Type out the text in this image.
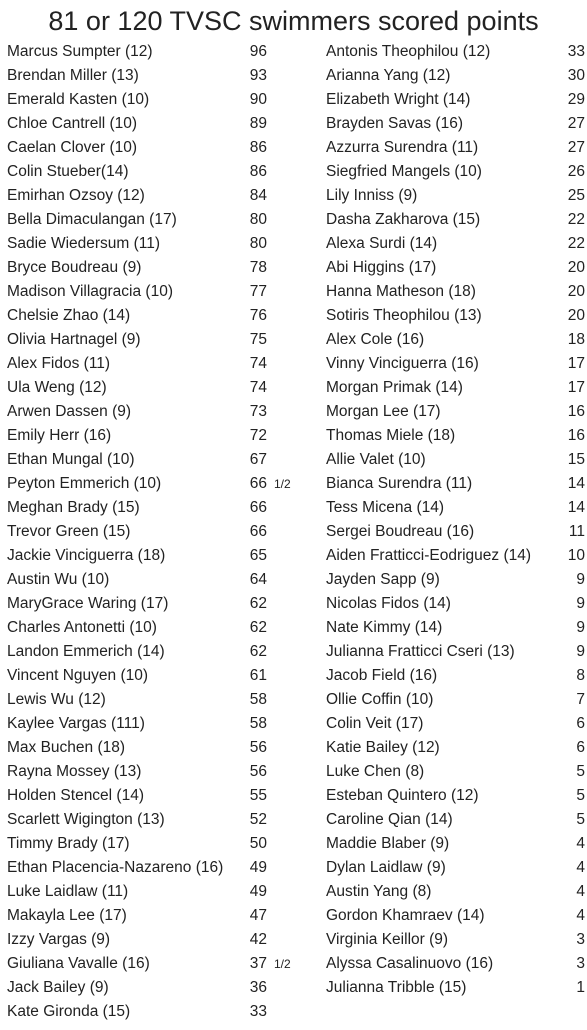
81 or 120 TVSC swimmers scored points
Marcus Sumpter (12)	96
Brendan Miller (13)	93
Emerald Kasten (10)	90
Chloe Cantrell (10)	89
Caelan Clover (10)	86
Colin Stueber(14)	86
Emirhan Ozsoy (12)	84
Bella Dimaculangan (17)	80
Sadie Wiedersum (11)	80
Bryce Boudreau (9)	78
Madison Villagracia (10)	77
Chelsie Zhao (14)	76
Olivia Hartnagel (9)	75
Alex Fidos (11)	74
Ula Weng (12)	74
Arwen Dassen (9)	73
Emily Herr (16)	72
Ethan Mungal (10)	67
Peyton Emmerich (10)	66 1/2
Meghan Brady (15)	66
Trevor Green (15)	66
Jackie Vinciguerra (18)	65
Austin Wu (10)	64
MaryGrace Waring (17)	62
Charles Antonetti (10)	62
Landon Emmerich (14)	62
Vincent Nguyen (10)	61
Lewis Wu (12)	58
Kaylee Vargas (111)	58
Max Buchen (18)	56
Rayna Mossey (13)	56
Holden Stencel (14)	55
Scarlett Wigington (13)	52
Timmy Brady (17)	50
Ethan Placencia-Nazareno (16)	49
Luke Laidlaw (11)	49
Makayla Lee (17)	47
Izzy Vargas (9)	42
Giuliana Vavalle (16)	37 1/2
Jack Bailey (9)	36
Kate Gironda (15)	33
Antonis Theophilou (12)	33
Arianna Yang (12)	30
Elizabeth Wright (14)	29
Brayden Savas (16)	27
Azzurra Surendra (11)	27
Siegfried Mangels (10)	26
Lily Inniss (9)	25
Dasha Zakharova (15)	22
Alexa Surdi (14)	22
Abi Higgins (17)	20
Hanna Matheson (18)	20
Sotiris Theophilou (13)	20
Alex Cole (16)	18
Vinny Vinciguerra (16)	17
Morgan Primak (14)	17
Morgan Lee (17)	16
Thomas Miele (18)	16
Allie Valet (10)	15
Bianca Surendra (11)	14
Tess Micena (14)	14
Sergei Boudreau (16)	11
Aiden Fratticci-Eodriguez (14)	10
Jayden Sapp (9)	9
Nicolas Fidos (14)	9
Nate Kimmy (14)	9
Julianna Fratticci Cseri (13)	9
Jacob Field (16)	8
Ollie Coffin (10)	7
Colin Veit (17)	6
Katie Bailey (12)	6
Luke Chen (8)	5
Esteban Quintero (12)	5
Caroline Qian (14)	5
Maddie Blaber (9)	4
Dylan Laidlaw (9)	4
Austin Yang (8)	4
Gordon Khamraev (14)	4
Virginia Keillor (9)	3
Alyssa Casalinuovo (16)	3
Julianna Tribble (15)	1
